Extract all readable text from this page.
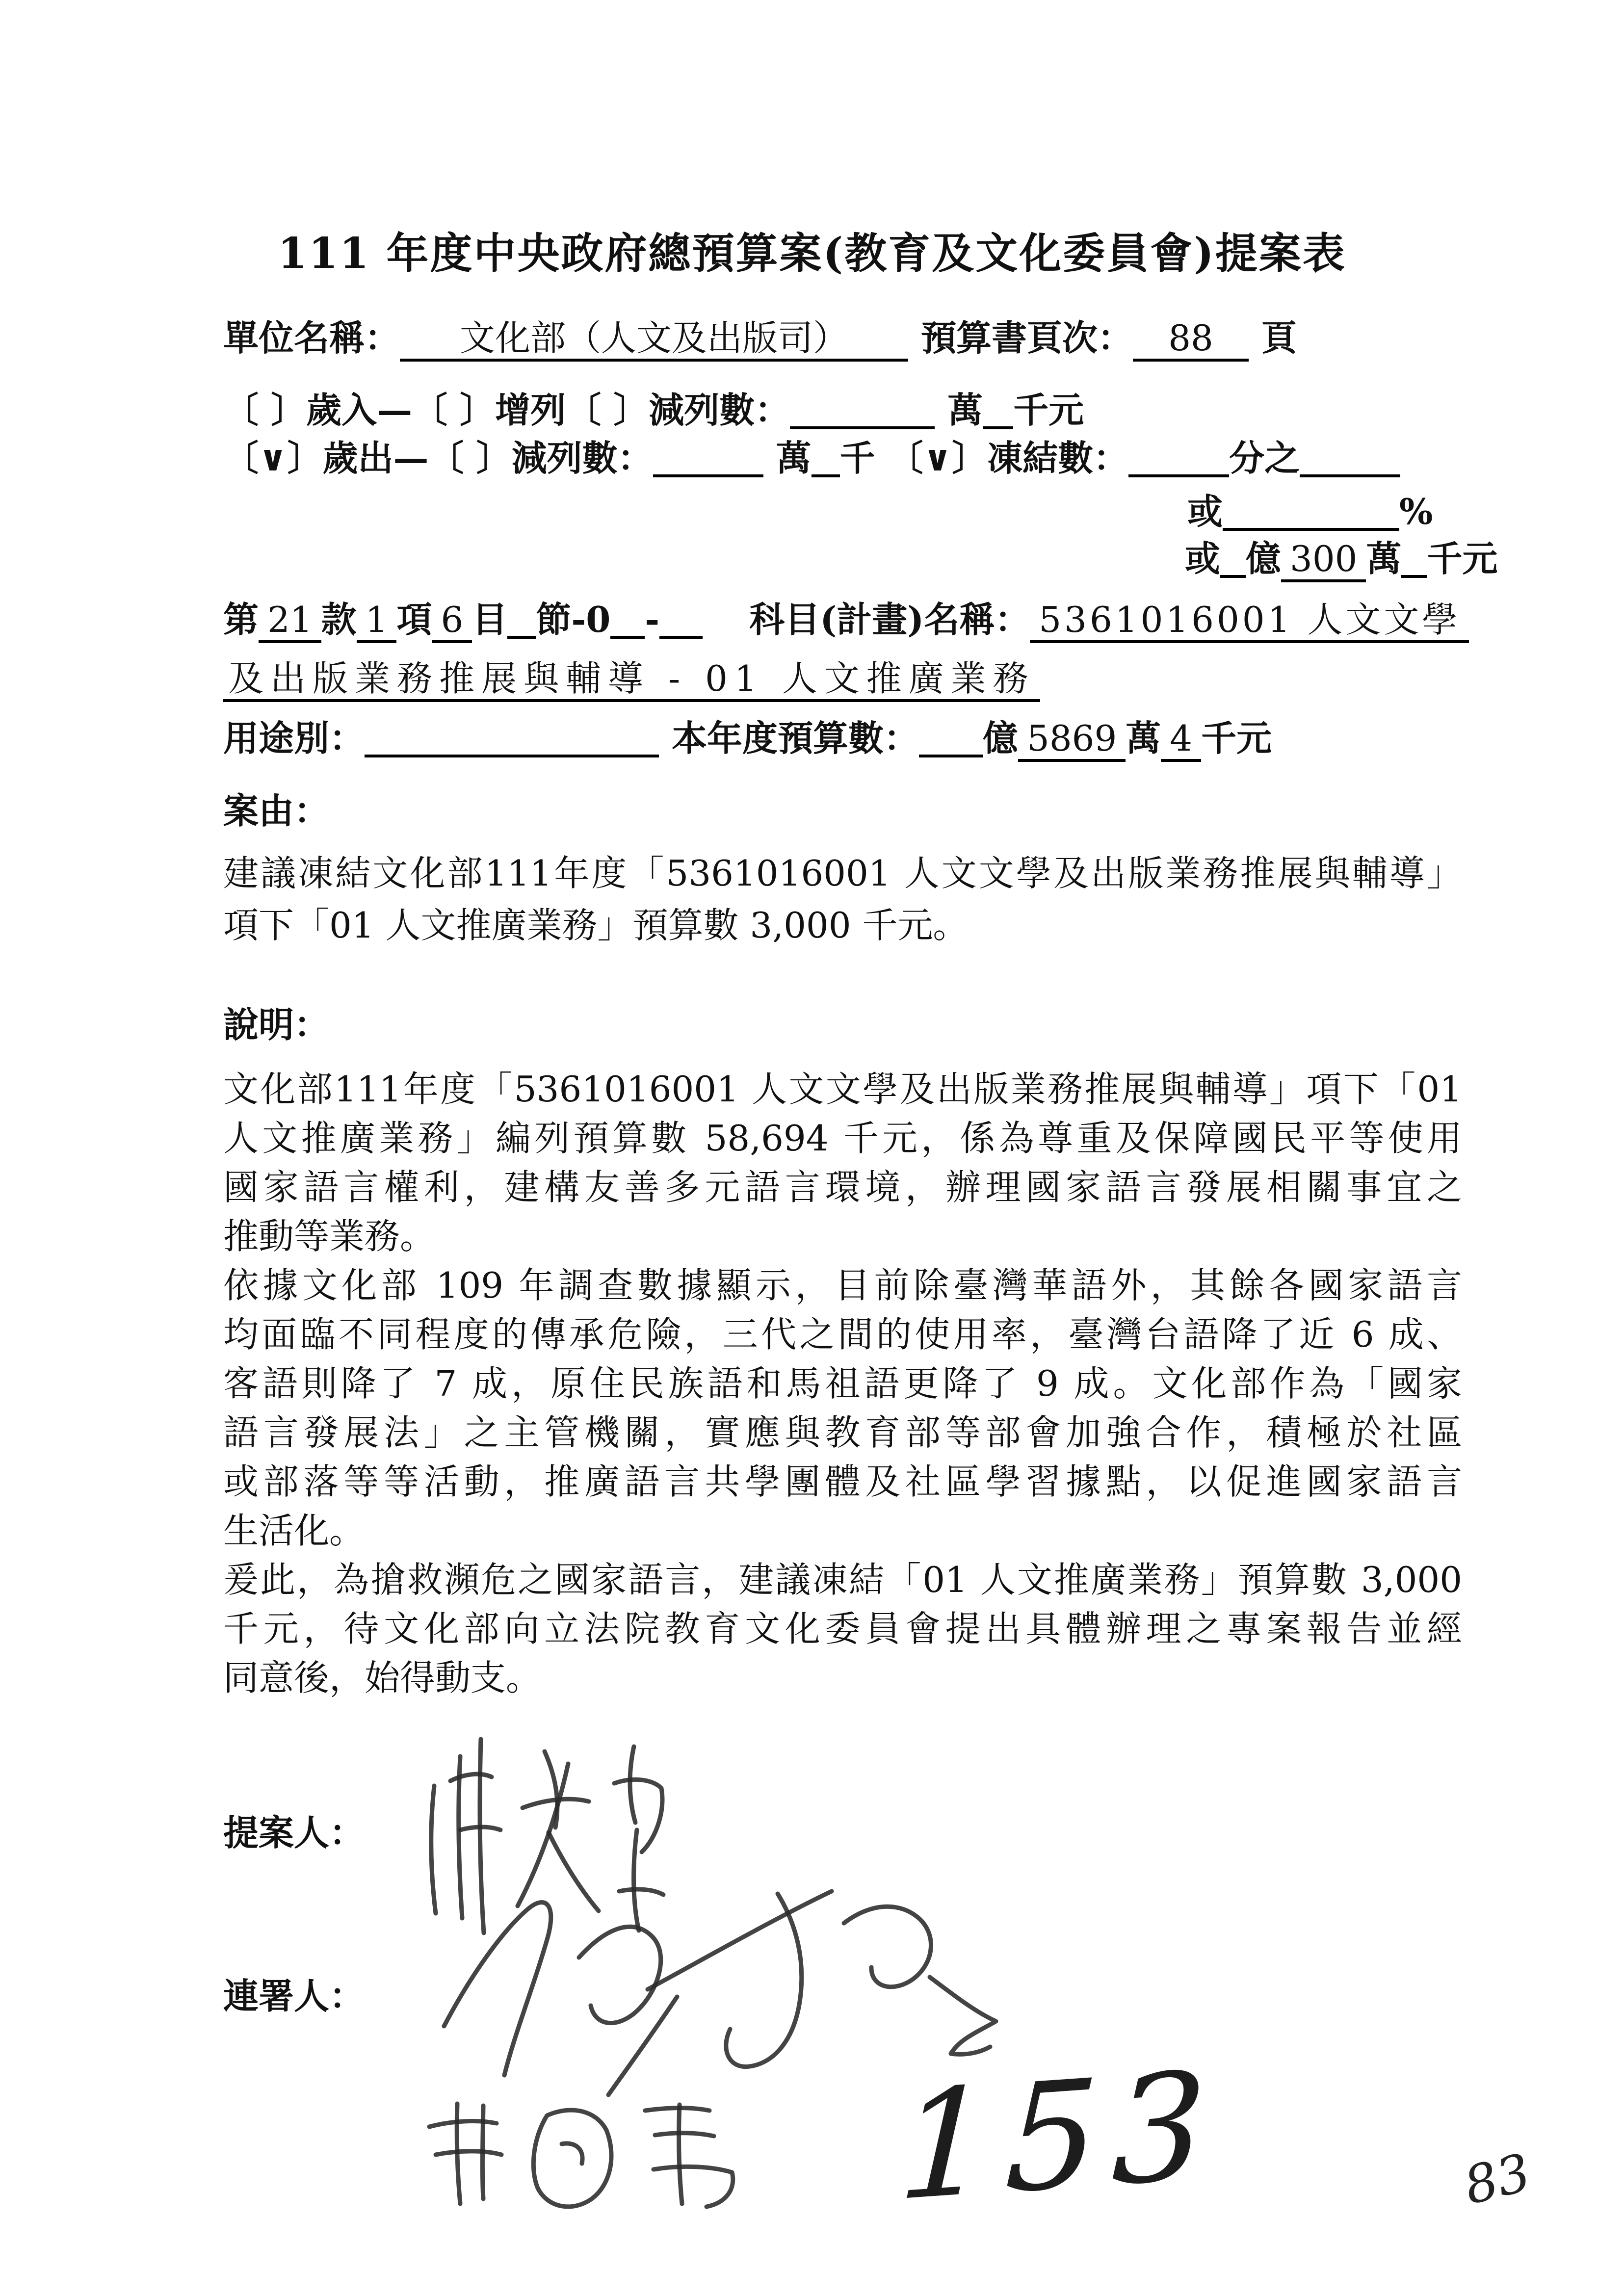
111 年度中央政府總預算案(教育及文化委員會)提案表
單位名稱： 文化部（人文及出版司） 預算書頁次： 88 頁
〔 〕歲入—〔 〕增列〔 〕減列數：	萬 千元
〔∨〕歲出—〔 〕減列數：	萬 千 〔∨〕凍結數：	分之
或	%
或 億 300 萬 千元
第 21 款 1 項 6 目 節-0 -	科目(計畫)名稱： 5361016001 人文文學
及出版業務推展與輔導 - 01 人文推廣業務
用途別：	本年度預算數： 億 5869 萬 4 千元
案由：
建議凍結文化部111年度「5361016001 人文文學及出版業務推展與輔導」
項下「01 人文推廣業務」預算數 3,000 千元。
說明：
文化部111年度「5361016001 人文文學及出版業務推展與輔導」項下「01
人文推廣業務」編列預算數 58,694 千元，係為尊重及保障國民平等使用
國家語言權利，建構友善多元語言環境，辦理國家語言發展相關事宜之
推動等業務。
依據文化部 109 年調查數據顯示，目前除臺灣華語外，其餘各國家語言
均面臨不同程度的傳承危險，三代之間的使用率，臺灣台語降了近 6 成、
客語則降了 7 成，原住民族語和馬祖語更降了 9 成。文化部作為「國家
語言發展法」之主管機關，實應與教育部等部會加強合作，積極於社區
或部落等等活動，推廣語言共學團體及社區學習據點，以促進國家語言
生活化。
爰此，為搶救瀕危之國家語言，建議凍結「01 人文推廣業務」預算數 3,000
千元，待文化部向立法院教育文化委員會提出具體辦理之專案報告並經
同意後，始得動支。
提案人：
連署人：
153	83
